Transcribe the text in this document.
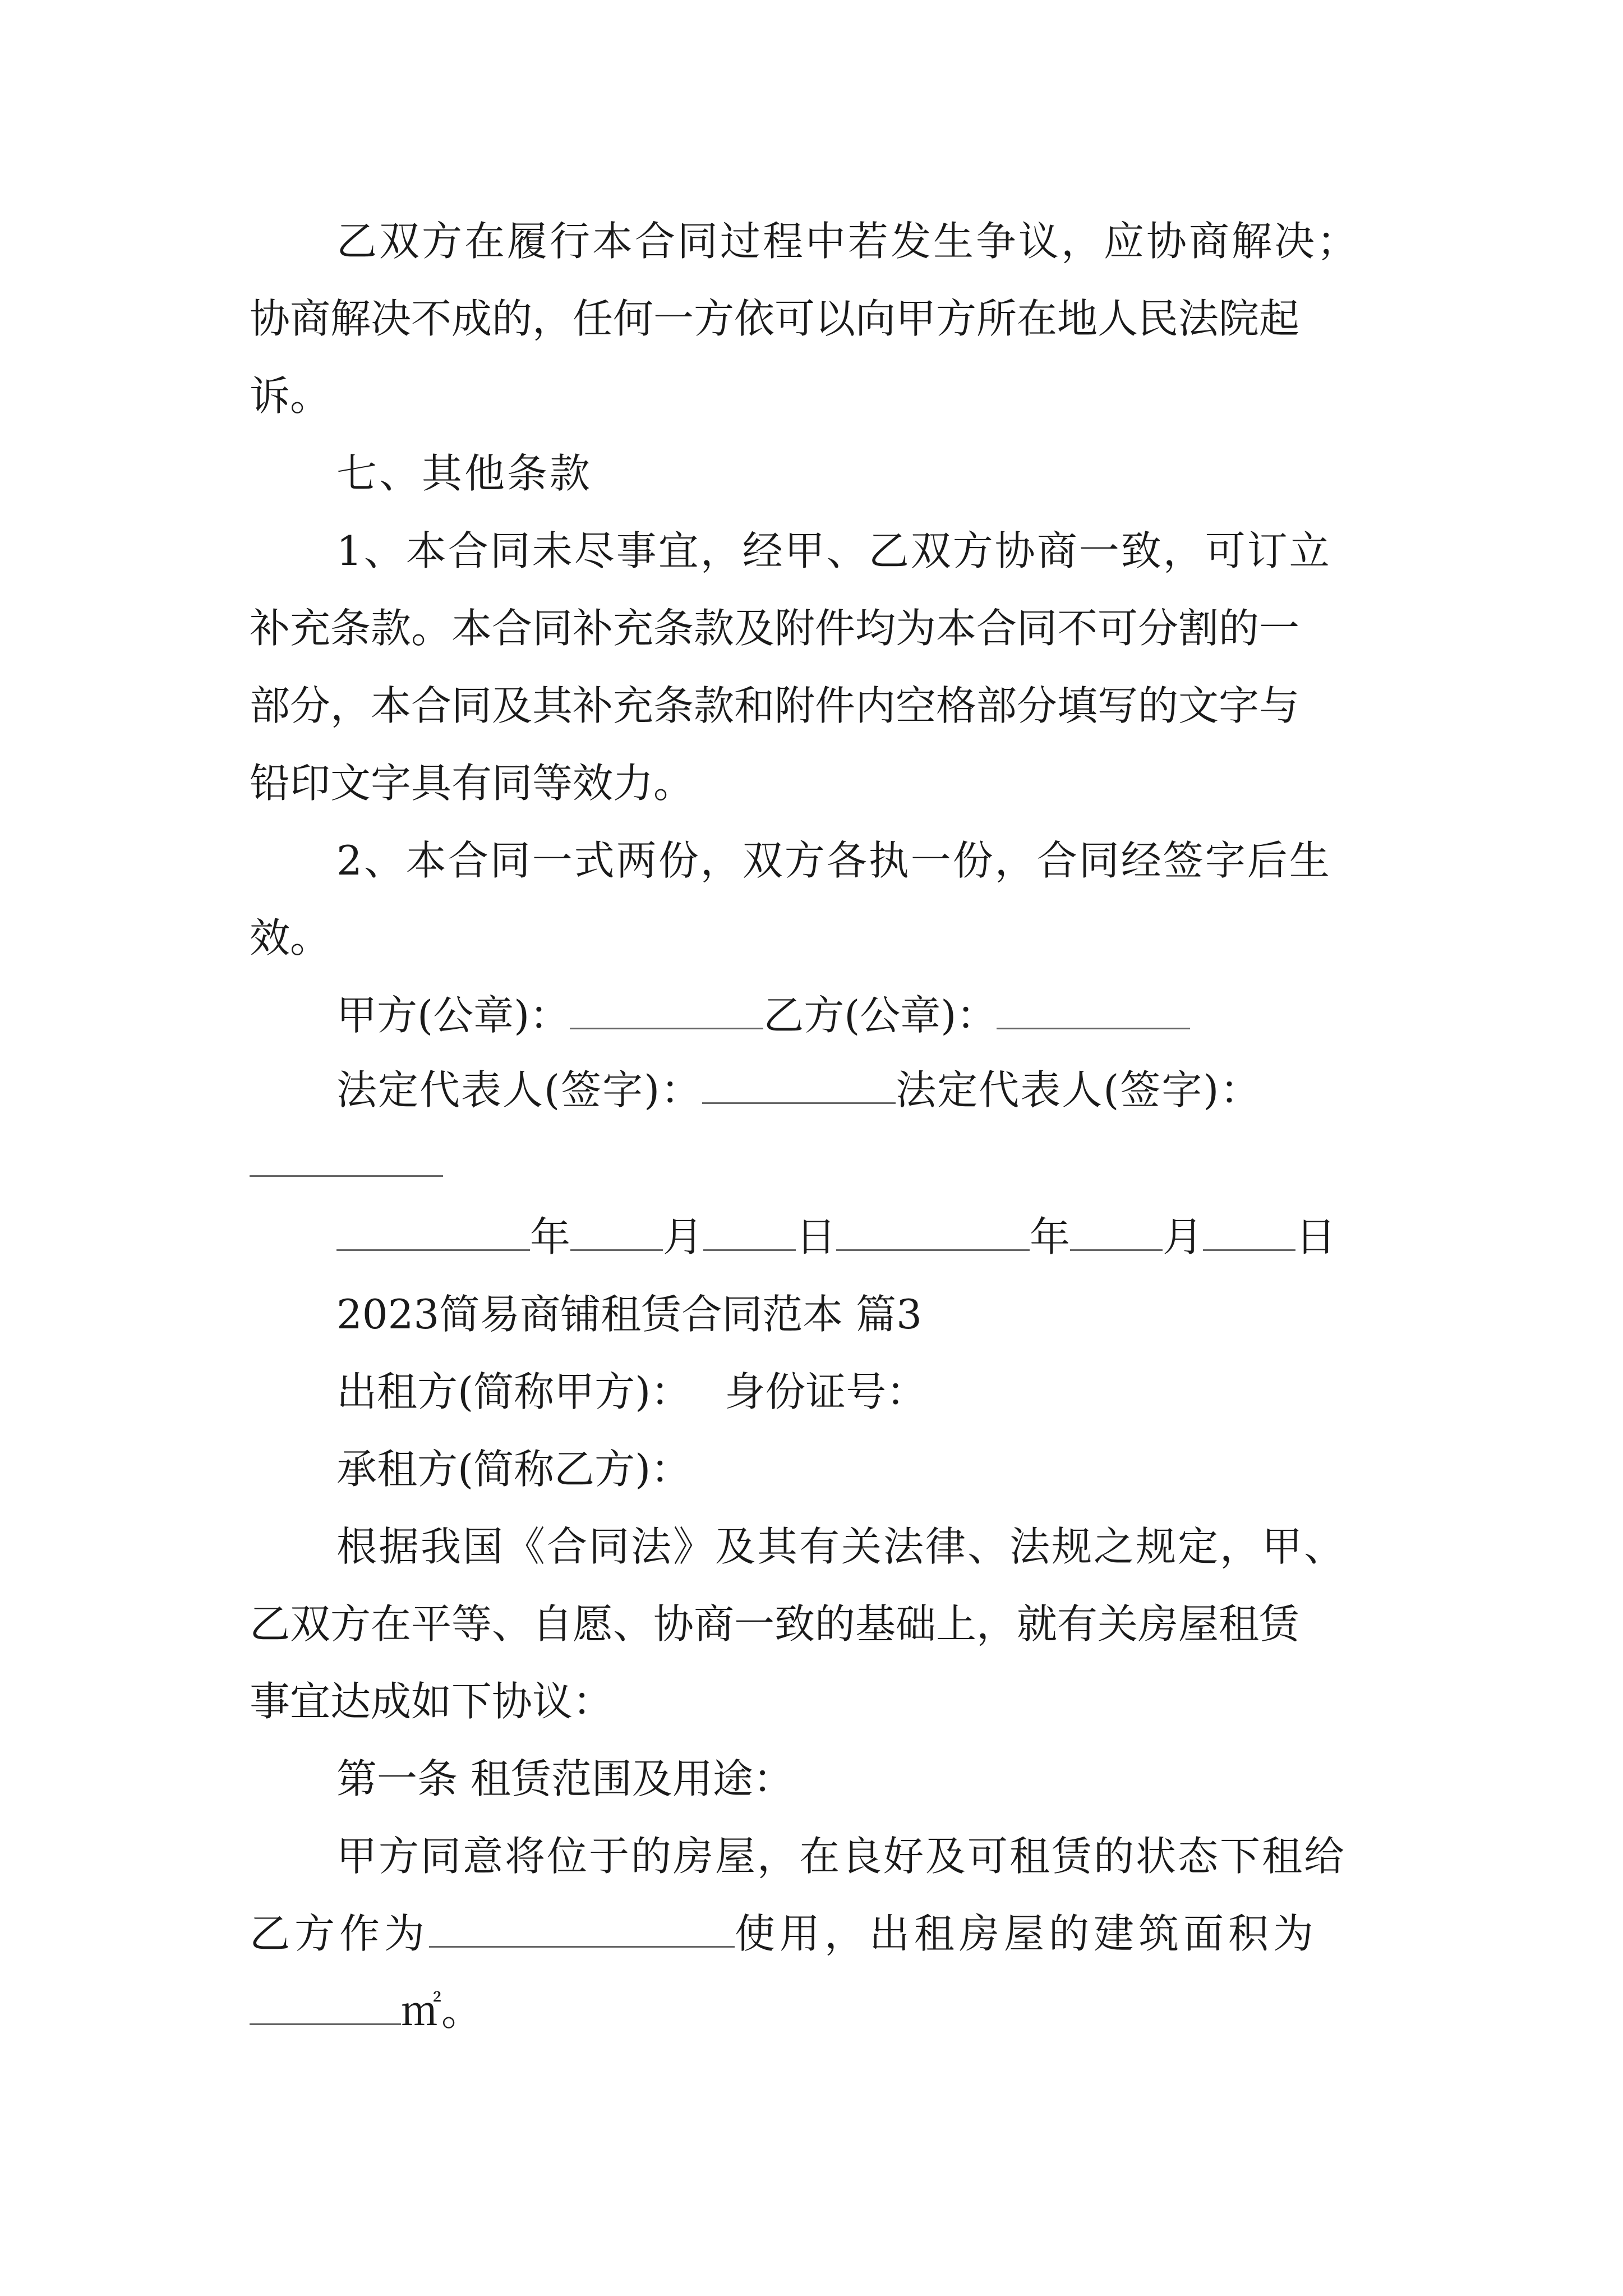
乙双方在履行本合同过程中若发生争议，应协商解决；

协商解决不成的，任何一方依可以向甲方所在地人民法院起

诉。

七、其他条款

1、本合同未尽事宜，经甲、乙双方协商一致，可订立

补充条款。本合同补充条款及附件均为本合同不可分割的一

部分，本合同及其补充条款和附件内空格部分填写的文字与

铅印文字具有同等效力。

2、本合同一式两份，双方各执一份，合同经签字后生

效。

甲方(公章)：	乙方(公章)：
法定代表人(签字)：	法定代表人(签字)：
年 月 日	年 月 日

2023简易商铺租赁合同范本 篇3

出租方(简称甲方)： 身份证号：

承租方(简称乙方)：

根据我国《合同法》及其有关法律、法规之规定，甲、

乙双方在平等、自愿、协商一致的基础上，就有关房屋租赁

事宜达成如下协议：

第一条 租赁范围及用途：

甲方同意将位于的房屋，在良好及可租赁的状态下租给

乙方作为	使用，出租房屋的建筑面积为
㎡。
